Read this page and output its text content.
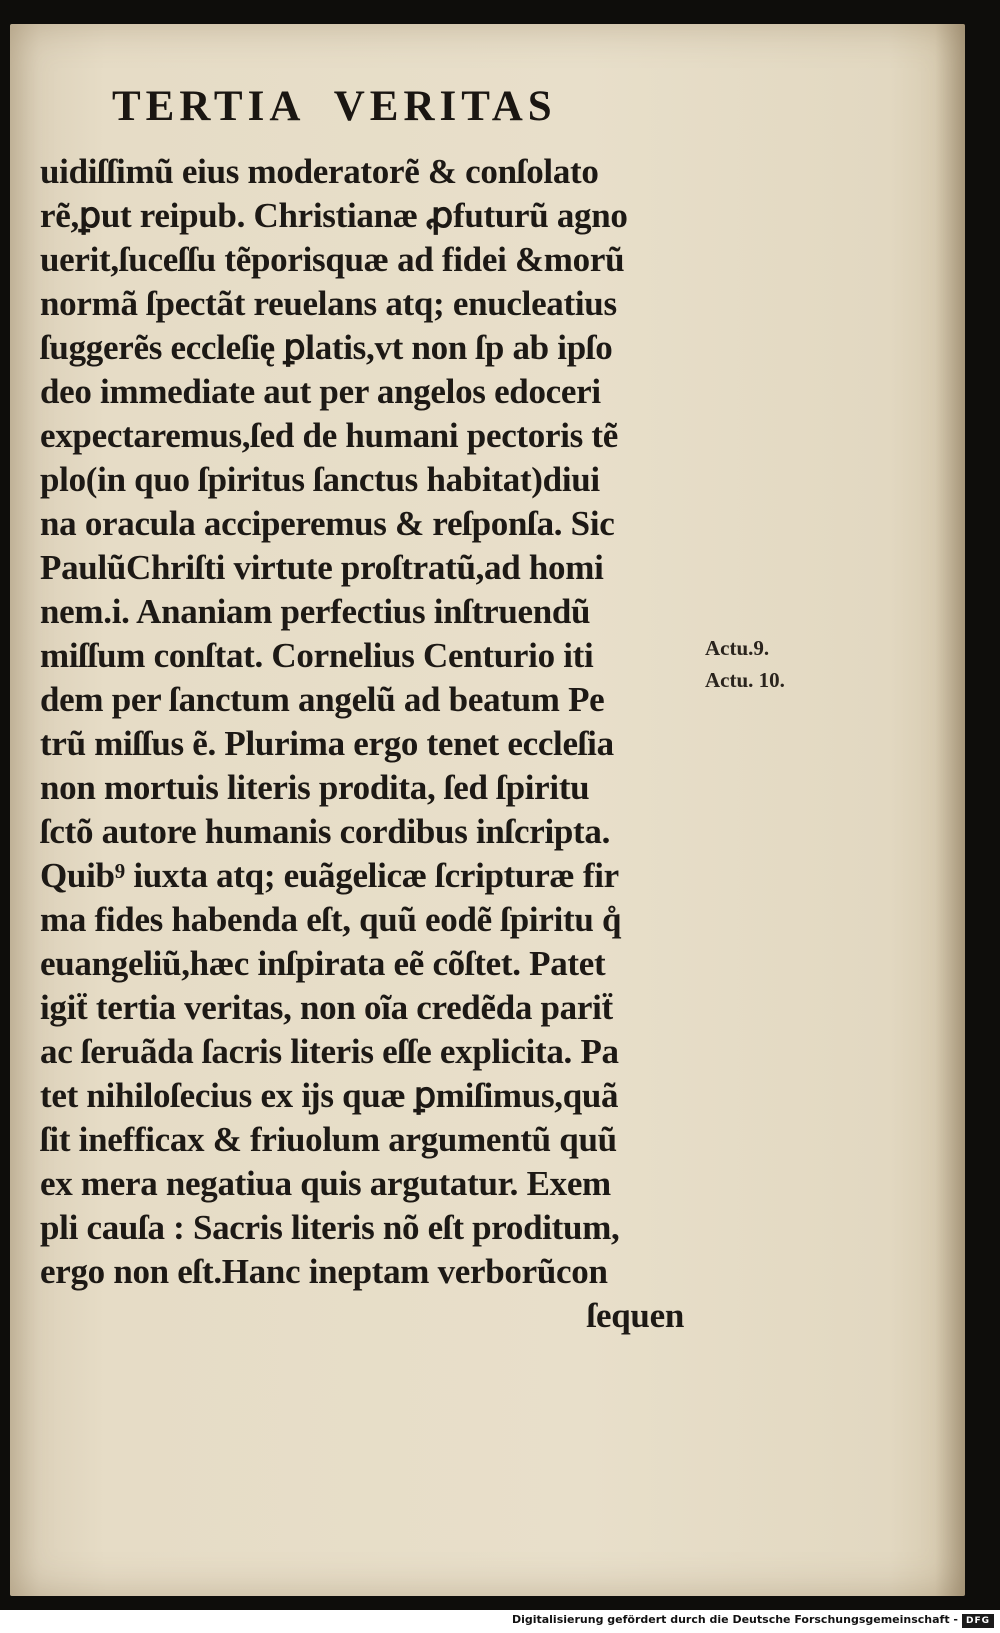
TERTIA  VERITAS
uidiſſimũ eius moderatorẽ & conſolato
rẽ,ꝑut reipub. Christianæ ꝓfuturũ agno
uerit,ſuceſſu tẽporisquæ ad fidei &morũ
normã ſpectãt reuelans atq; enucleatius
ſuggerẽs eccleſię ꝑlatis,vt non ſp ab ipſo
deo immediate aut per angelos edoceri
expectaremus,ſed de humani pectoris tẽ
plo(in quo ſpiritus ſanctus habitat)diui
na oracula acciperemus & reſponſa. Sic
PaulũChriſti virtute proſtratũ,ad homi
nem.i. Ananiam perfectius inſtruendũ
miſſum conſtat. Cornelius Centurio iti
dem per ſanctum angelũ ad beatum Pe
trũ miſſus ẽ. Plurima ergo tenet eccleſia
non mortuis literis prodita, ſed ſpiritu
ſctõ autore humanis cordibus inſcripta.
Quib⁹ iuxta atq; euãgelicæ ſcripturæ fir
ma fides habenda eſt, quũ eodẽ ſpiritu q̊
euangeliũ,hæc inſpirata eẽ cõſtet. Patet
igiẗ tertia veritas, non oĩa credẽda pariẗ
ac ſeruãda ſacris literis eſſe explicita. Pa
tet nihiloſecius ex ĳs quæ ꝑmiſimus,quã
ſit inefficax & friuolum argumentũ quũ
ex mera negatiua quis argutatur. Exem
pli cauſa : Sacris literis nõ eſt proditum,
ergo non eſt.Hanc ineptam verborũcon
ſequen
Actu.9.
Actu. 10.
Digitalisierung gefördert durch die Deutsche Forschungsgemeinschaft - DFG
